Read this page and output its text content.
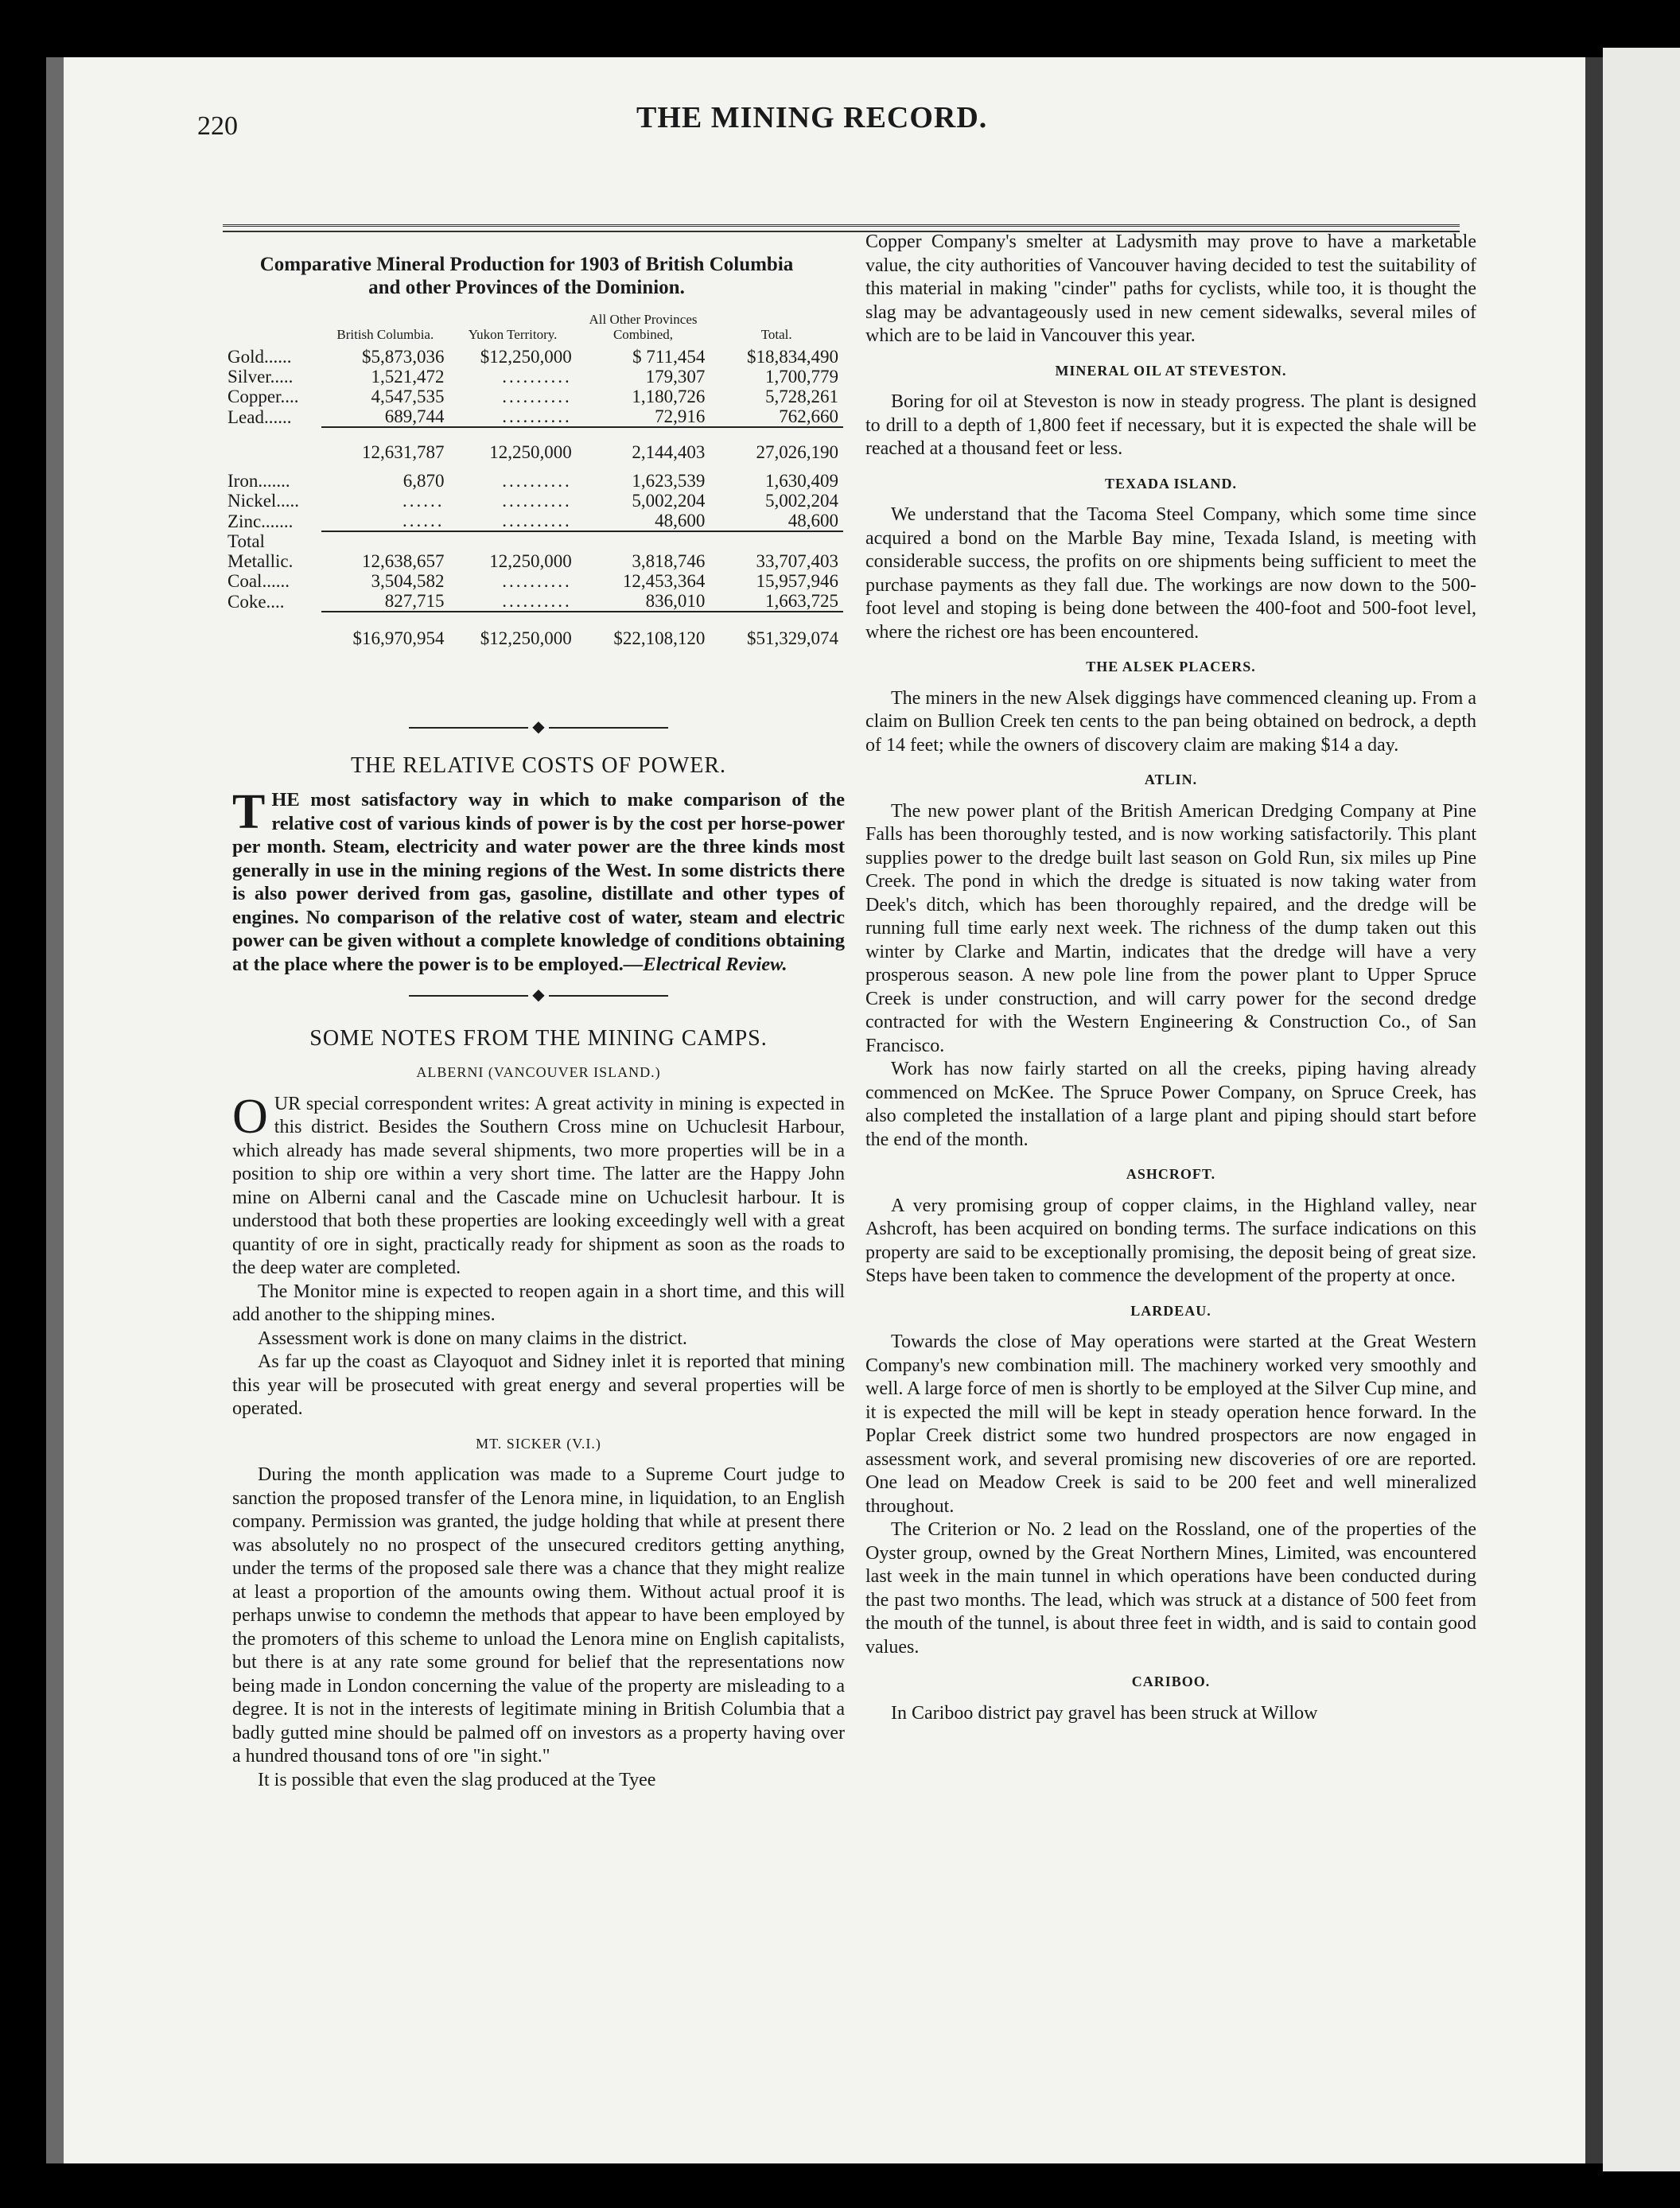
220	THE MINING RECORD.
Comparative Mineral Production for 1903 of British Columbia
and other Provinces of the Dominion.
	British Columbia.	Yukon Territory.	All Other Provinces Combined,	Total.
Gold......	$5,873,036	$12,250,000	$ 711,454	$18,834,490
Silver.....	1,521,472	..........	179,307	1,700,779
Copper....	4,547,535	..........	1,180,726	5,728,261
Lead......	689,744	..........	72,916	762,660
	12,631,787	12,250,000	2,144,403	27,026,190
Iron.......	6,870	..........	1,623,539	1,630,409
Nickel.....	......	..........	5,002,204	5,002,204
Zinc.......	......	..........	48,600	48,600
Total				
Metallic.	12,638,657	12,250,000	3,818,746	33,707,403
Coal......	3,504,582	..........	12,453,364	15,957,946
Coke....	827,715	..........	836,010	1,663,725
	$16,970,954	$12,250,000	$22,108,120	$51,329,074
◆
THE RELATIVE COSTS OF POWER.

THE most satisfactory way in which to make comparison of the relative cost of various kinds of power is by the cost per horse-power per month. Steam, electricity and water power are the three kinds most generally in use in the mining regions of the West. In some districts there is also power derived from gas, gasoline, distillate and other types of engines. No comparison of the relative cost of water, steam and electric power can be given without a complete knowledge of conditions obtaining at the place where the power is to be employed.—Electrical Review.

◆
SOME NOTES FROM THE MINING CAMPS.
ALBERNI (VANCOUVER ISLAND.)

OUR special correspondent writes: A great activity in mining is expected in this district. Besides the Southern Cross mine on Uchuclesit Harbour, which already has made several shipments, two more properties will be in a position to ship ore within a very short time. The latter are the Happy John mine on Alberni canal and the Cascade mine on Uchuclesit harbour. It is understood that both these properties are looking exceedingly well with a great quantity of ore in sight, practically ready for shipment as soon as the roads to the deep water are completed.

The Monitor mine is expected to reopen again in a short time, and this will add another to the shipping mines.

Assessment work is done on many claims in the district.

As far up the coast as Clayoquot and Sidney inlet it is reported that mining this year will be prosecuted with great energy and several properties will be operated.

MT. SICKER (V.I.)

During the month application was made to a Supreme Court judge to sanction the proposed transfer of the Lenora mine, in liquidation, to an English company. Permission was granted, the judge holding that while at present there was absolutely no no prospect of the unsecured creditors getting anything, under the terms of the proposed sale there was a chance that they might realize at least a proportion of the amounts owing them. Without actual proof it is perhaps unwise to condemn the methods that appear to have been employed by the promoters of this scheme to unload the Lenora mine on English capitalists, but there is at any rate some ground for belief that the representations now being made in London concerning the value of the property are misleading to a degree. It is not in the interests of legitimate mining in British Columbia that a badly gutted mine should be palmed off on investors as a property having over a hundred thousand tons of ore "in sight."

It is possible that even the slag produced at the Tyee

Copper Company's smelter at Ladysmith may prove to have a marketable value, the city authorities of Vancouver having decided to test the suitability of this material in making "cinder" paths for cyclists, while too, it is thought the slag may be advantageously used in new cement sidewalks, several miles of which are to be laid in Vancouver this year.

MINERAL OIL AT STEVESTON.

Boring for oil at Steveston is now in steady progress. The plant is designed to drill to a depth of 1,800 feet if necessary, but it is expected the shale will be reached at a thousand feet or less.

TEXADA ISLAND.

We understand that the Tacoma Steel Company, which some time since acquired a bond on the Marble Bay mine, Texada Island, is meeting with considerable success, the profits on ore shipments being sufficient to meet the purchase payments as they fall due. The workings are now down to the 500-foot level and stoping is being done between the 400-foot and 500-foot level, where the richest ore has been encountered.

THE ALSEK PLACERS.

The miners in the new Alsek diggings have commenced cleaning up. From a claim on Bullion Creek ten cents to the pan being obtained on bedrock, a depth of 14 feet; while the owners of discovery claim are making $14 a day.

ATLIN.

The new power plant of the British American Dredging Company at Pine Falls has been thoroughly tested, and is now working satisfactorily. This plant supplies power to the dredge built last season on Gold Run, six miles up Pine Creek. The pond in which the dredge is situated is now taking water from Deek's ditch, which has been thoroughly repaired, and the dredge will be running full time early next week. The richness of the dump taken out this winter by Clarke and Martin, indicates that the dredge will have a very prosperous season. A new pole line from the power plant to Upper Spruce Creek is under construction, and will carry power for the second dredge contracted for with the Western Engineering & Construction Co., of San Francisco.

Work has now fairly started on all the creeks, piping having already commenced on McKee. The Spruce Power Company, on Spruce Creek, has also completed the installation of a large plant and piping should start before the end of the month.

ASHCROFT.

A very promising group of copper claims, in the Highland valley, near Ashcroft, has been acquired on bonding terms. The surface indications on this property are said to be exceptionally promising, the deposit being of great size. Steps have been taken to commence the development of the property at once.

LARDEAU.

Towards the close of May operations were started at the Great Western Company's new combination mill. The machinery worked very smoothly and well. A large force of men is shortly to be employed at the Silver Cup mine, and it is expected the mill will be kept in steady operation hence forward. In the Poplar Creek district some two hundred prospectors are now engaged in assessment work, and several promising new discoveries of ore are reported. One lead on Meadow Creek is said to be 200 feet and well mineralized throughout.

The Criterion or No. 2 lead on the Rossland, one of the properties of the Oyster group, owned by the Great Northern Mines, Limited, was encountered last week in the main tunnel in which operations have been conducted during the past two months. The lead, which was struck at a distance of 500 feet from the mouth of the tunnel, is about three feet in width, and is said to contain good values.

CARIBOO.

In Cariboo district pay gravel has been struck at Willow
